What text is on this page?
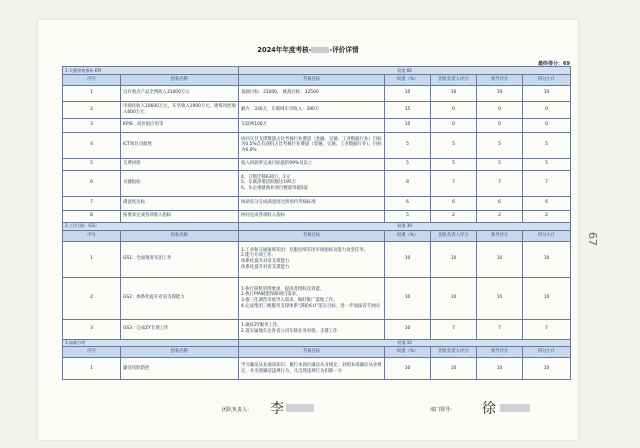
2024年年度考核-	-评价详情
最终得分：69
1.关键绩效指标 KPI		权重:60				
序号	指标名称	考核目标	权重（%）	团队负责人评分	领导评分	得分小计
1	自有重点产品全网收入31000万元	基础目标：31000， 挑战目标：32500	10	10	10	10
2	市场化收入10600万元，车享收入1900万元，捷爽风控收入600万元	解方：330万，车联网车享收入：390万	15	0	0	0
3	KPIS：高价值应用等	车联网100万	10	0	0	0
4	ICT项目贡献度	协同交付支撑数量占比考核行业赛道（金融、交通、工业数据行业）目标为0.5%自有商机占比考核行业赛道（金融、交通、工业数据行业）。目标为6.0%	5	5	5	5
5	欠费回款	收入回款率完成目标值的99%及以上	5	5	5	5
6	关键指标	4、订购迁移630万，1分
5、车联净增活跃数达195万
6、车企重建商业项目数量突破5家	8	7	7	7
7	满意度达标	协助省分完成满意度达到预内考核标准	6	6	6	6
8	按要求完成各项收入指标	协同完成各项收入指标	5	2	2	2
2.工作目标（GS）		权重:30				
序号	指标名称	考核目标	权重（%）	团队负责人评分	领导评分	得分小计
1	GS1：全面推进军团工作	1.工业和交通领域军团：克服连续军团市场指标及能力攻坚任务。
2.能力专项工作。
体系化提升对省支撑能力
体系化提升对省支撑能力	10	10	10	10
2	GS2：体系化提升对省支撑能力	1.执行简机管理要求，提高者授权及效能。
2.执行PIA赋能保障项目需求。
3.推三化调营市场导入需求，做好推广落地工作。
4.完成集团三级服务支撑体系“满轮6.0”落实目标，进一步加深省专协同	10	10	10	10
3	GS3：完成ZY专项工作	1.做好ZY服务工作。
2.落实属地车企各省公司车联业务对接、支撑工作	10	7	7	7
3.加减分项		权重:10				
序号	指标名称	考核目标	权重（%）	团队负责人评分	领导评分	得分小计
1	廉洁风险防控	学习廉洁从业通知知识；履行本岗位廉洁从业规定；对照本部廉洁从业规定，并出现廉洁违规行为，凡出现违规行为扣除一分	10	10	10	10
团队负责人： 李	部门领导： 徐
67
